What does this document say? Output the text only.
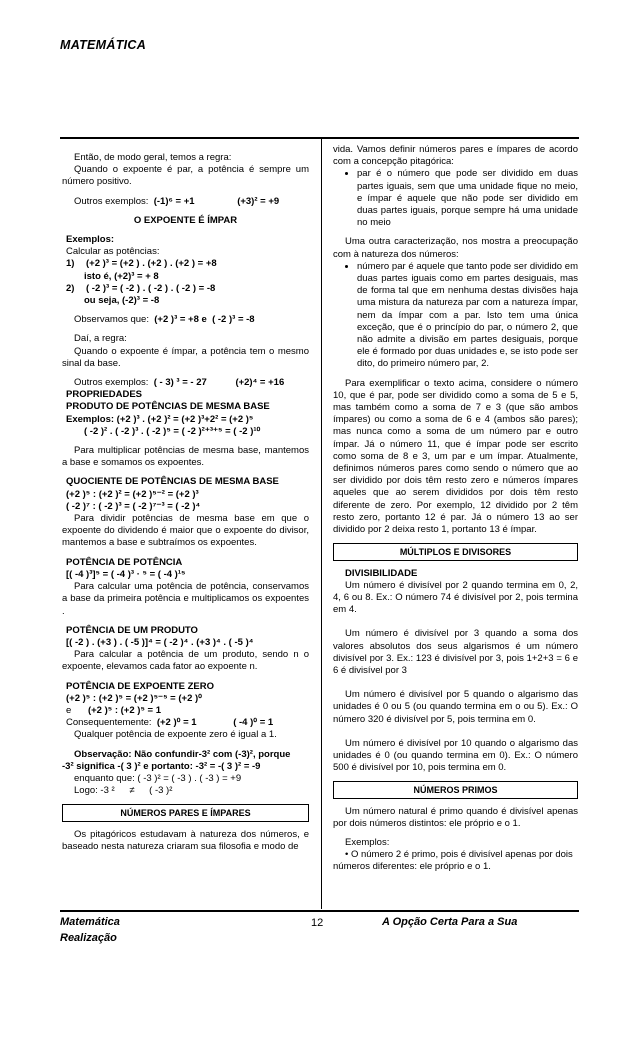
MATEMÁTICA

Então, de modo geral, temos a regra:

Quando o expoente é par, a potência é sempre um número positivo.

Outros exemplos: (-1)⁶ = +1	(+3)² = +9

O EXPOENTE É ÍMPAR

Exemplos:

Calcular as potências:

1)	(+2 )³ = (+2 ) . (+2 ) . (+2 ) = +8

isto é, (+2)³ = + 8

2)	( -2 )³ = ( -2 ) . ( -2 ) . ( -2 ) = -8

ou seja, (-2)³ = -8

Observamos que: (+2 )³ = +8 e ( -2 )³ = -8

Daí, a regra:

Quando o expoente é ímpar, a potência tem o mesmo sinal da base.

Outros exemplos: ( - 3) ³ = - 27	(+2)⁴ = +16

PROPRIEDADES

PRODUTO DE POTÊNCIAS DE MESMA BASE

Exemplos: (+2 )³ . (+2 )² = (+2 )³+2² = (+2 )⁵

( -2 )² . ( -2 )³ . ( -2 )⁵ = ( -2 )²⁺³⁺⁵ = ( -2 )¹⁰

Para multiplicar potências de mesma base, mantemos a base e somamos os expoentes.

QUOCIENTE DE POTÊNCIAS DE MESMA BASE

(+2 )⁵ : (+2 )² = (+2 )⁵⁻² = (+2 )³

( -2 )⁷ : ( -2 )³ = ( -2 )⁷⁻³ = ( -2 )⁴

Para dividir potências de mesma base em que o expoente do dividendo é maior que o expoente do divisor, mantemos a base e subtraímos os expoentes.

POTÊNCIA DE POTÊNCIA

[( -4 )³]⁵ = ( -4 )³ · ⁵ = ( -4 )¹⁵

Para calcular uma potência de potência, conservamos a base da primeira potência e multiplicamos os expoentes .

POTÊNCIA DE UM PRODUTO

[( -2 ) . (+3 ) . ( -5 )]⁴ = ( -2 )⁴ . (+3 )⁴ . ( -5 )⁴

Para calcular a potência de um produto, sendo n o expoente, elevamos cada fator ao expoente n.

POTÊNCIA DE EXPOENTE ZERO

(+2 )⁵ : (+2 )⁵ = (+2 )⁵⁻⁵ = (+2 )⁰

e (+2 )⁵ : (+2 )⁵ = 1

Consequentemente: (+2 )⁰ = 1	( -4 )⁰ = 1

Qualquer potência de expoente zero é igual a 1.

Observação: Não confundir-3² com (-3)², porque

-3² significa -( 3 )² e portanto: -3² = -( 3 )² = -9

enquanto que: ( -3 )² = ( -3 ) . ( -3 ) = +9

Logo: -3 ² ≠ ( -3 )²

NÚMEROS PARES E ÍMPARES

Os pitagóricos estudavam à natureza dos números, e baseado nesta natureza criaram sua filosofia e modo de

vida. Vamos definir números pares e ímpares de acordo com a concepção pitagórica:

• par é o número que pode ser dividido em duas partes iguais, sem que uma unidade fique no meio, e ímpar é aquele que não pode ser dividido em duas partes iguais, porque sempre há uma unidade no meio

Uma outra caracterização, nos mostra a preocupação com à natureza dos números:

• número par é aquele que tanto pode ser dividido em duas partes iguais como em partes desiguais, mas de forma tal que em nenhuma destas divisões haja uma mistura da natureza par com a natureza ímpar, nem da ímpar com a par. Isto tem uma única exceção, que é o princípio do par, o número 2, que não admite a divisão em partes desiguais, porque ele é formado por duas unidades e, se isto pode ser dito, do primeiro número par, 2.

Para exemplificar o texto acima, considere o número 10, que é par, pode ser dividido como a soma de 5 e 5, mas também como a soma de 7 e 3 (que são ambos ímpares) ou como a soma de 6 e 4 (ambos são pares); mas nunca como a soma de um número par e outro ímpar. Já o número 11, que é ímpar pode ser escrito como soma de 8 e 3, um par e um ímpar. Atualmente, definimos números pares como sendo o número que ao ser dividido por dois têm resto zero e números ímpares aqueles que ao serem divididos por dois têm resto diferente de zero. Por exemplo, 12 dividido por 2 têm resto zero, portanto 12 é par. Já o número 13 ao ser dividido por 2 deixa resto 1, portanto 13 é ímpar.

MÚLTIPLOS E DIVISORES

DIVISIBILIDADE

Um número é divisível por 2 quando termina em 0, 2, 4, 6 ou 8. Ex.: O número 74 é divisível por 2, pois termina em 4.

Um número é divisível por 3 quando a soma dos valores absolutos dos seus algarismos é um número divisível por 3. Ex.: 123 é divisível por 3, pois 1+2+3 = 6 e 6 é divisível por 3

Um número é divisível por 5 quando o algarismo das unidades é 0 ou 5 (ou quando termina em o ou 5). Ex.: O número 320 é divisível por 5, pois termina em 0.

Um número é divisível por 10 quando o algarismo das unidades é 0 (ou quando termina em 0). Ex.: O número 500 é divisível por 10, pois termina em 0.

NÚMEROS PRIMOS

Um número natural é primo quando é divisível apenas por dois números distintos: ele próprio e o 1.

Exemplos:

• O número 2 é primo, pois é divisível apenas por dois números diferentes: ele próprio e o 1.

Matemática
Realização
12	A Opção Certa Para a Sua
